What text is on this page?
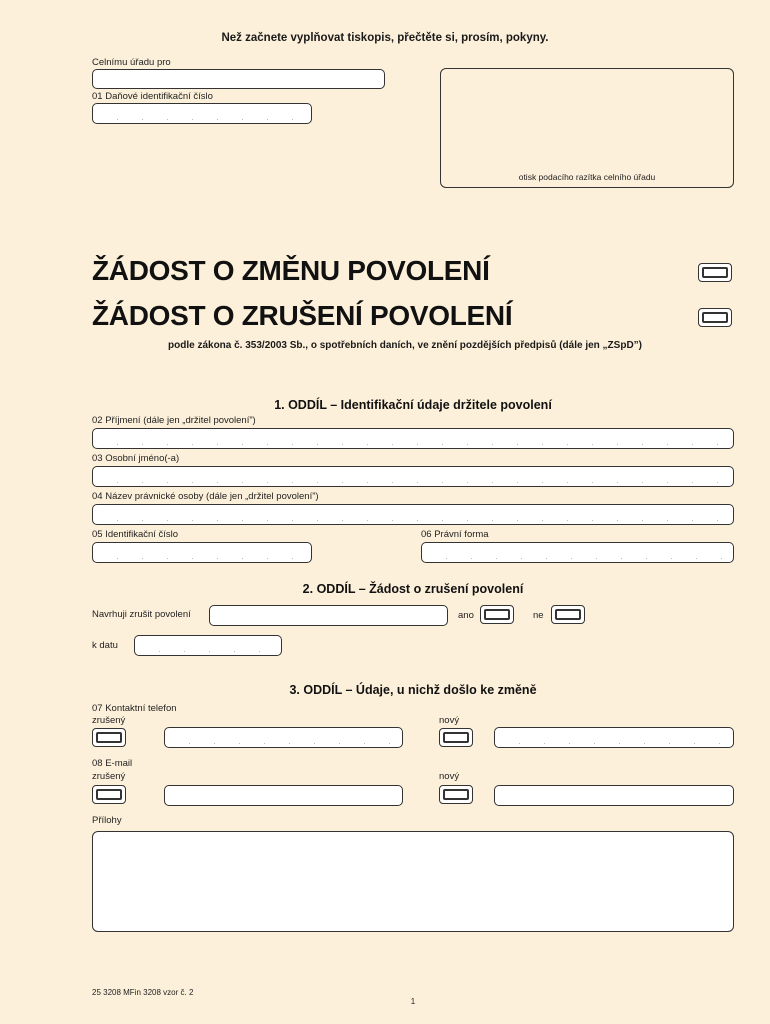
Než začnete vyplňovat tiskopis, přečtěte si, prosím, pokyny.
Celnímu úřadu pro
01 Daňové identifikační číslo
otisk podacího razítka celního úřadu
ŽÁDOST O ZMĚNU POVOLENÍ
ŽÁDOST O ZRUŠENÍ POVOLENÍ
podle zákona č. 353/2003 Sb., o spotřebních daních, ve znění pozdějších předpisů (dále jen „ZSpD”)
1. ODDÍL – Identifikační údaje držitele povolení
02 Příjmení (dále jen „držitel povolení”)
03 Osobní jméno(-a)
04 Název právnické osoby (dále jen „držitel povolení”)
05 Identifikační číslo	06 Právní forma
2. ODDÍL – Žádost o zrušení povolení
Navrhuji zrušit povolení	ano	ne
k datu
3. ODDÍL – Údaje, u nichž došlo ke změně
07 Kontaktní telefon
zrušený	nový
08 E-mail
zrušený	nový
Přílohy
25 3208 MFin 3208 vzor č. 2
1
